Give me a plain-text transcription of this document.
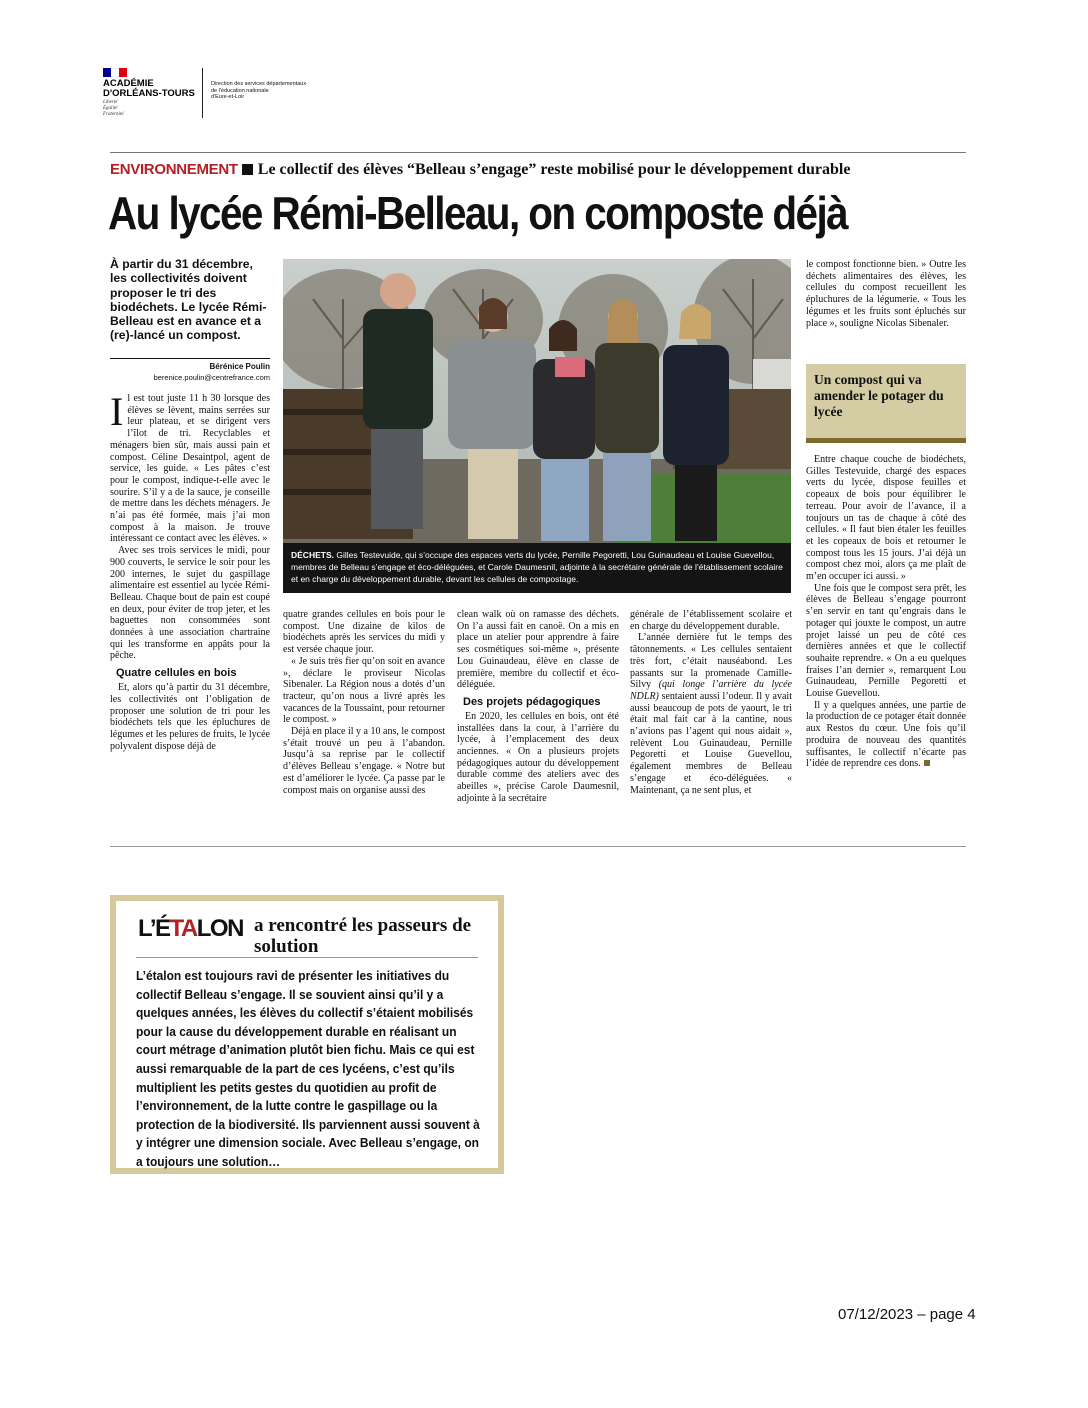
ACADÉMIE
D'ORLÉANS-TOURS
Liberté
Égalité
Fraternité
Direction des services départementaux
de l'éducation nationale
d'Eure-et-Loir
ENVIRONNEMENT Le collectif des élèves “Belleau s’engage” reste mobilisé pour le développement durable
Au lycée Rémi-Belleau, on composte déjà
À partir du 31 décembre, les collectivités doivent proposer le tri des biodéchets. Le lycée Rémi-Belleau est en avance et a (re)-lancé un compost.
Bérénice Poulin
berenice.poulin@centrefrance.com
I l est tout juste 11 h 30 lorsque des élèves se lèvent, mains serrées sur leur plateau, et se dirigent vers l’îlot de tri. Recyclables et ménagers bien sûr, mais aussi pain et compost. Céline Desaintpol, agent de service, les guide. « Les pâtes c’est pour le compost, indique-t-elle avec le sourire. S’il y a de la sauce, je conseille de mettre dans les déchets ménagers. Je n’ai pas été formée, mais j’ai mon compost à la maison. Je trouve intéressant ce contact avec les élèves. »

Avec ses trois services le midi, pour 900 couverts, le service le soir pour les 200 internes, le sujet du gaspillage alimentaire est essentiel au lycée Rémi-Belleau. Chaque bout de pain est coupé en deux, pour éviter de trop jeter, et les baguettes non consommées sont données à une association chartraine qui les transforme en appâts pour la pêche.

Quatre cellules en bois

Et, alors qu’à partir du 31 décembre, les collectivités ont l’obligation de proposer une solution de tri pour les biodéchets tels que les épluchures de légumes et les pelures de fruits, le lycée polyvalent dispose déjà de

DÉCHETS. Gilles Testevuide, qui s’occupe des espaces verts du lycée, Pernille Pegoretti, Lou Guinaudeau et Louise Guevellou, membres de Belleau s’engage et éco-déléguées, et Carole Daumesnil, adjointe à la secrétaire générale de l’établissement scolaire et en charge du développement durable, devant les cellules de compostage.

quatre grandes cellules en bois pour le compost. Une dizaine de kilos de biodéchets après les services du midi y est versée chaque jour.

« Je suis très fier qu’on soit en avance », déclare le proviseur Nicolas Sibenaler. La Région nous a dotés d’un tracteur, qu’on nous a livré après les vacances de la Toussaint, pour retourner le compost. »

Déjà en place il y a 10 ans, le compost s’était trouvé un peu à l’abandon. Jusqu’à sa reprise par le collectif d’élèves Belleau s’engage. « Notre but est d’améliorer le lycée. Ça passe par le compost mais on organise aussi des

clean walk où on ramasse des déchets. On l’a aussi fait en canoë. On a mis en place un atelier pour apprendre à faire ses cosmétiques soi-même », présente Lou Guinaudeau, élève en classe de première, membre du collectif et éco-déléguée.

Des projets pédagogiques

En 2020, les cellules en bois, ont été installées dans la cour, à l’arrière du lycée, à l’emplacement des deux anciennes. « On a plusieurs projets pédagogiques autour du développement durable comme des ateliers avec des abeilles », précise Carole Daumesnil, adjointe à la secrétaire

générale de l’établissement scolaire et en charge du développement durable.

L’année dernière fut le temps des tâtonnements. « Les cellules sentaient très fort, c’était nauséabond. Les passants sur la promenade Camille-Silvy (qui longe l’arrière du lycée NDLR) sentaient aussi l’odeur. Il y avait aussi beaucoup de pots de yaourt, le tri était mal fait car à la cantine, nous n’avions pas l’agent qui nous aidait », relèvent Lou Guinaudeau, Pernille Pegoretti et Louise Guevellou, également membres de Belleau s’engage et éco-déléguées. « Maintenant, ça ne sent plus, et

le compost fonctionne bien. » Outre les déchets alimentaires des élèves, les cellules du compost recueillent les épluchures de la légumerie. « Tous les légumes et les fruits sont épluchés sur place », souligne Nicolas Sibenaler.

Un compost qui va amender le potager du lycée

Entre chaque couche de biodéchets, Gilles Testevuide, chargé des espaces verts du lycée, dispose feuilles et copeaux de bois pour équilibrer le terreau. Pour avoir de l’avance, il a toujours un tas de chaque à côté des cellules. « Il faut bien étaler les feuilles et les copeaux de bois et retourner le compost tous les 15 jours. J’ai déjà un compost chez moi, alors ça me plaît de m’en occuper ici aussi. »

Une fois que le compost sera prêt, les élèves de Belleau s’engage pourront s’en servir en tant qu’engrais dans le potager qui jouxte le compost, un autre projet laissé un peu de côté ces dernières années et que le collectif souhaite reprendre. « On a eu quelques fraises l’an dernier », remarquent Lou Guinaudeau, Pernille Pegoretti et Louise Guevellou.

Il y a quelques années, une partie de la production de ce potager était donnée aux Restos du cœur. Une fois qu’il produira de nouveau des quantités suffisantes, le collectif n’écarte pas l’idée de reprendre ces dons.

L’ÉTALON a rencontré les passeurs de solution
L’étalon est toujours ravi de présenter les initiatives du collectif Belleau s’engage. Il se souvient ainsi qu’il y a quelques années, les élèves du collectif s’étaient mobilisés pour la cause du développement durable en réalisant un court métrage d’animation plutôt bien fichu. Mais ce qui est aussi remarquable de la part de ces lycéens, c’est qu’ils multiplient les petits gestes du quotidien au profit de l’environnement, de la lutte contre le gaspillage ou la protection de la biodiversité. Ils parviennent aussi souvent à y intégrer une dimension sociale. Avec Belleau s’engage, on a toujours une solution…
07/12/2023 – page 4
